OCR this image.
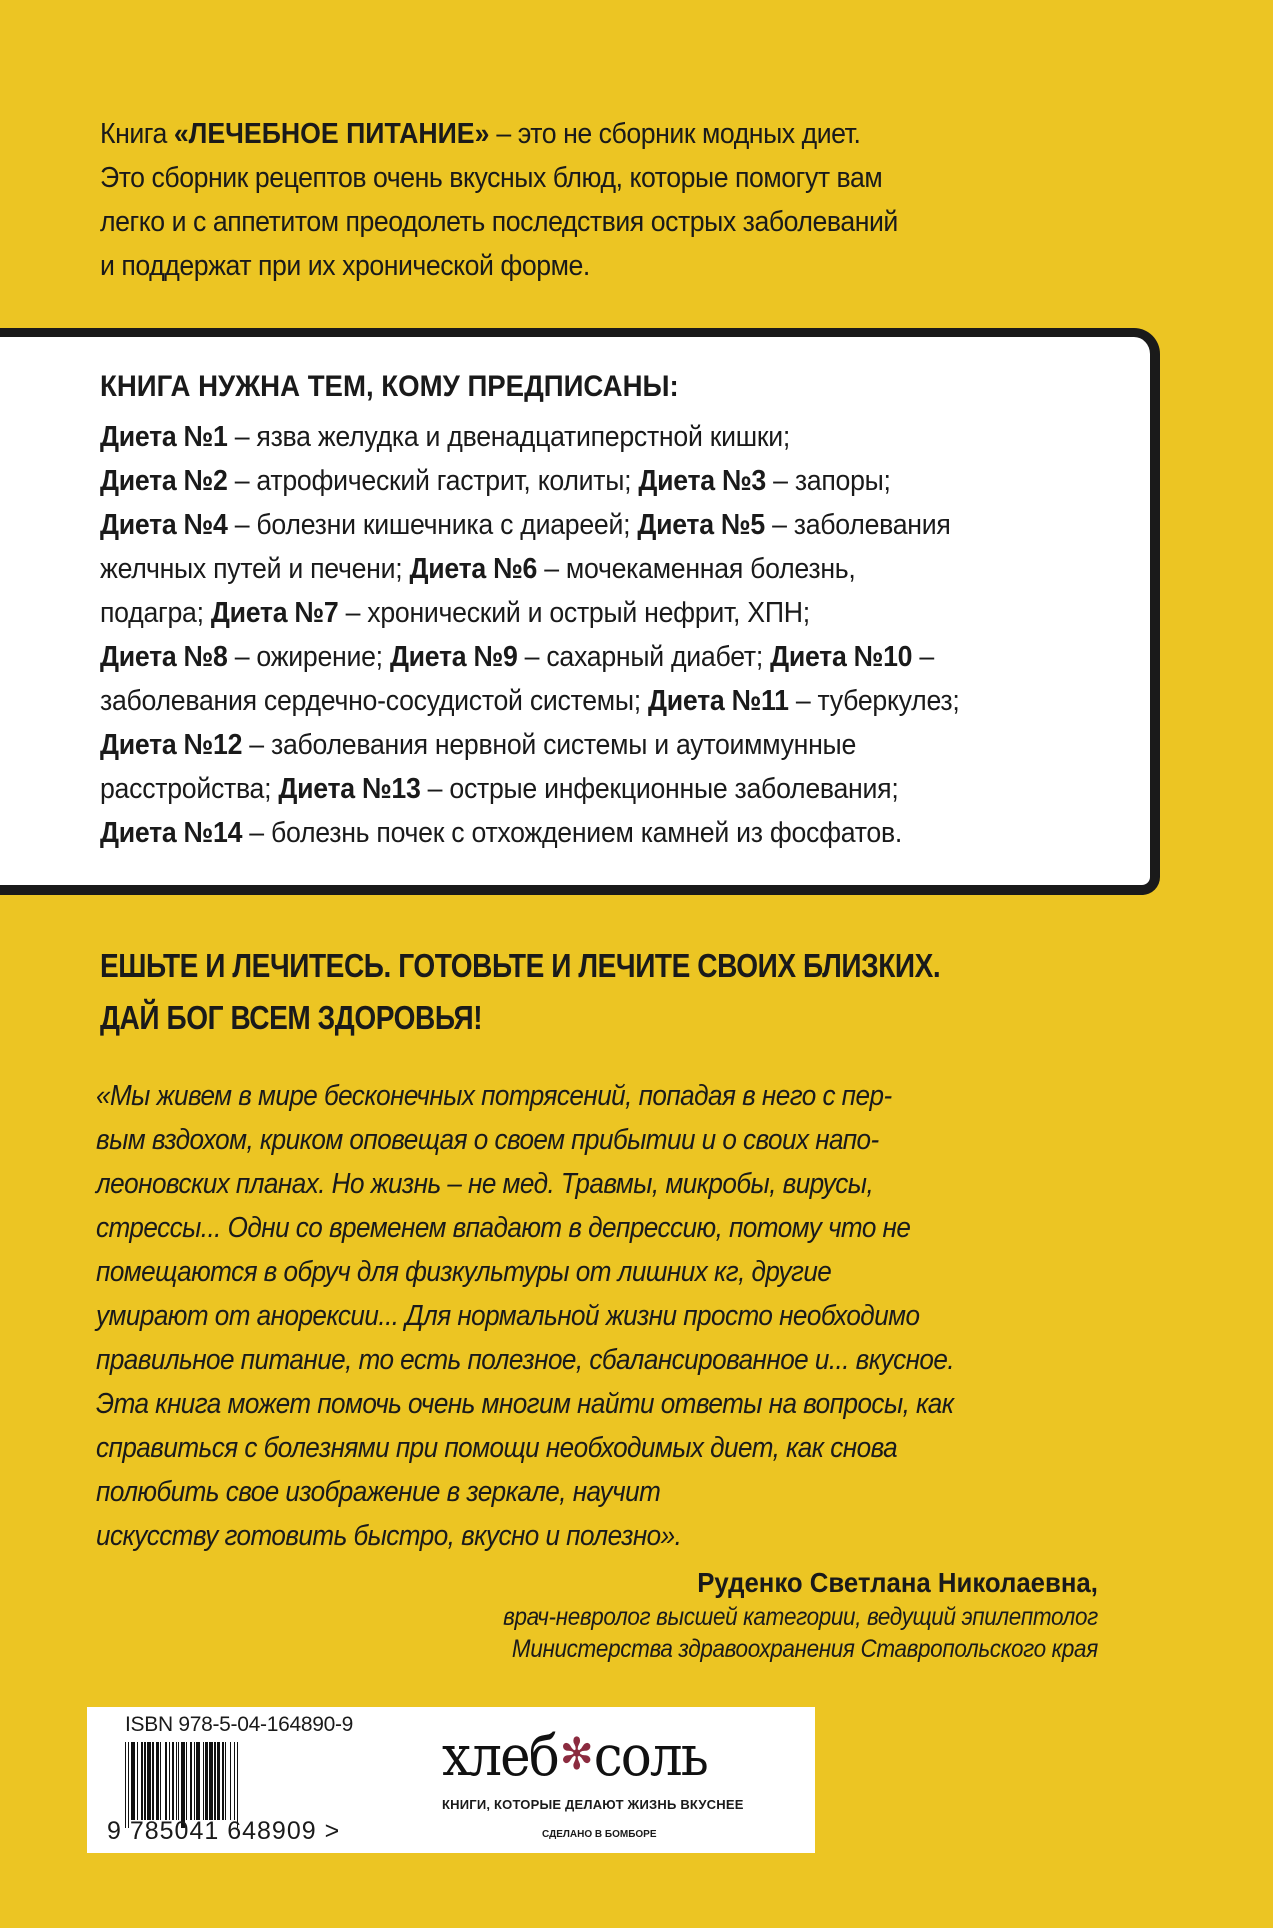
Книга «ЛЕЧЕБНОЕ ПИТАНИЕ» – это не сборник модных диет.
Это сборник рецептов очень вкусных блюд, которые помогут вам
легко и с аппетитом преодолеть последствия острых заболеваний
и поддержат при их хронической форме.
КНИГА НУЖНА ТЕМ, КОМУ ПРЕДПИСАНЫ:
Диета №1 – язва желудка и двенадцатиперстной кишки;
Диета №2 – атрофический гастрит, колиты; Диета №3 – запоры;
Диета №4 – болезни кишечника с диареей; Диета №5 – заболевания
желчных путей и печени; Диета №6 – мочекаменная болезнь,
подагра; Диета №7 – хронический и острый нефрит, ХПН;
Диета №8 – ожирение; Диета №9 – сахарный диабет; Диета №10 –
заболевания сердечно-сосудистой системы; Диета №11 – туберкулез;
Диета №12 – заболевания нервной системы и аутоиммунные
расстройства; Диета №13 – острые инфекционные заболевания;
Диета №14 – болезнь почек с отхождением камней из фосфатов.
ЕШЬТЕ И ЛЕЧИТЕСЬ. ГОТОВЬТЕ И ЛЕЧИТЕ СВОИХ БЛИЗКИХ.
ДАЙ БОГ ВСЕМ ЗДОРОВЬЯ!
«Мы живем в мире бесконечных потрясений, попадая в него с пер-
вым вздохом, криком оповещая о своем прибытии и о своих напо-
леоновских планах. Но жизнь – не мед. Травмы, микробы, вирусы,
стрессы... Одни со временем впадают в депрессию, потому что не
помещаются в обруч для физкультуры от лишних кг, другие
умирают от анорексии... Для нормальной жизни просто необходимо
правильное питание, то есть полезное, сбалансированное и... вкусное.
Эта книга может помочь очень многим найти ответы на вопросы, как
справиться с болезнями при помощи необходимых диет, как снова
полюбить свое изображение в зеркале, научит
искусству готовить быстро, вкусно и полезно».
Руденко Светлана Николаевна,
врач-невролог высшей категории, ведущий эпилептолог
Министерства здравоохранения Ставропольского края
ISBN 978-5-04-164890-9
9 785041 648909 >
хлеб✻соль
КНИГИ, КОТОРЫЕ ДЕЛАЮТ ЖИЗНЬ ВКУСНЕЕ
СДЕЛАНО В БОМБОРЕ
